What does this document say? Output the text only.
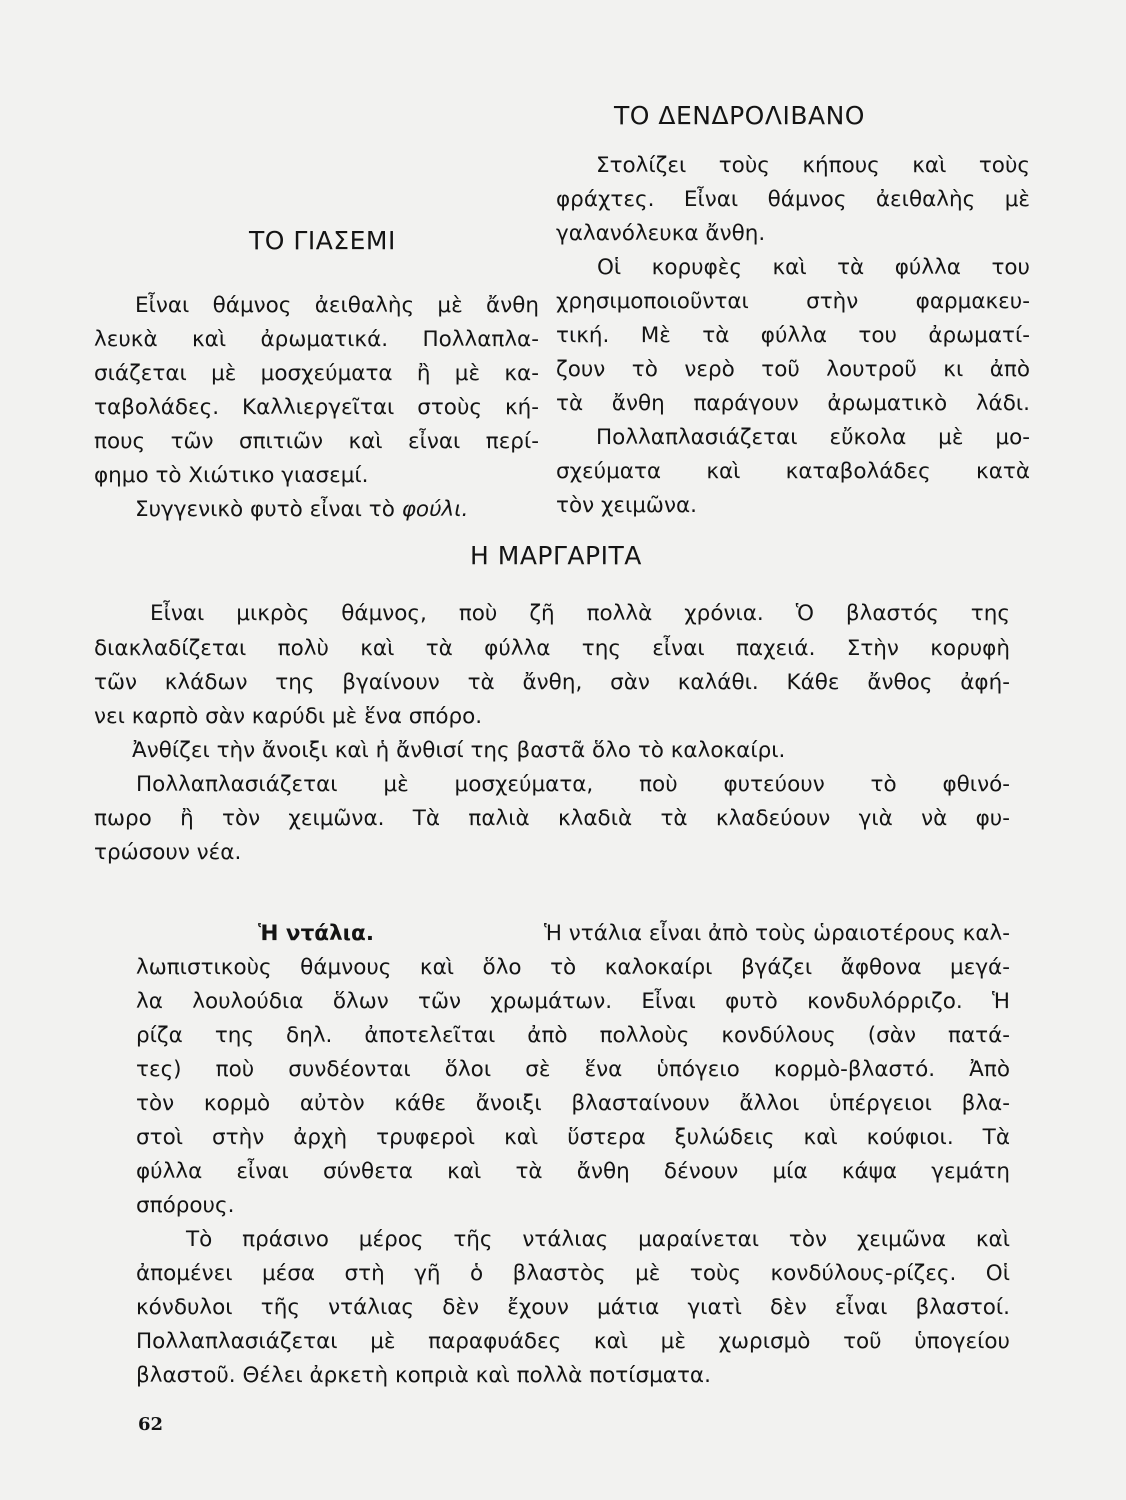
ΤΟ ΔΕΝΔΡΟΛΙΒΑΝΟ
Στολίζει τοὺς κήπους καὶ τοὺς
φράχτες. Εἶναι θάμνος ἀειθαλὴς μὲ
γαλανόλευκα ἄνθη.
Οἱ κορυφὲς καὶ τὰ φύλλα του
χρησιμοποιοῦνται στὴν φαρμακευ-
τική. Μὲ τὰ φύλλα του ἀρωματί-
ζουν τὸ νερὸ τοῦ λουτροῦ κι ἀπὸ
τὰ ἄνθη παράγουν ἀρωματικὸ λάδι.
Πολλαπλασιάζεται εὔκολα μὲ μο-
σχεύματα καὶ καταβολάδες κατὰ
τὸν χειμῶνα.
ΤΟ ΓΙΑΣΕΜΙ
Εἶναι θάμνος ἀειθαλὴς μὲ ἄνθη
λευκὰ καὶ ἀρωματικά. Πολλαπλα-
σιάζεται μὲ μοσχεύματα ἢ μὲ κα-
ταβολάδες. Καλλιεργεῖται στοὺς κή-
πους τῶν σπιτιῶν καὶ εἶναι περί-
φημο τὸ Χιώτικο γιασεμί.
Συγγενικὸ φυτὸ εἶναι τὸ φούλι.
Η ΜΑΡΓΑΡΙΤΑ
Εἶναι μικρὸς θάμνος, ποὺ ζῆ πολλὰ χρόνια. Ὁ βλαστός της
διακλαδίζεται πολὺ καὶ τὰ φύλλα της εἶναι παχειά. Στὴν κορυφὴ
τῶν κλάδων της βγαίνουν τὰ ἄνθη, σὰν καλάθι. Κάθε ἄνθος ἀφή-
νει καρπὸ σὰν καρύδι μὲ ἕνα σπόρο.
Ἀνθίζει τὴν ἄνοιξι καὶ ἡ ἄνθισί της βαστᾶ ὅλο τὸ καλοκαίρι.
Πολλαπλασιάζεται μὲ μοσχεύματα, ποὺ φυτεύουν τὸ φθινό-
πωρο ἢ τὸν χειμῶνα. Τὰ παλιὰ κλαδιὰ τὰ κλαδεύουν γιὰ νὰ φυ-
τρώσουν νέα.
Ἡ ντάλια.	Ἡ ντάλια εἶναι ἀπὸ τοὺς ὡραιοτέρους καλ-
λωπιστικοὺς θάμνους καὶ ὅλο τὸ καλοκαίρι βγάζει ἄφθονα μεγά-
λα λουλούδια ὅλων τῶν χρωμάτων. Εἶναι φυτὸ κονδυλόρριζο. Ἡ
ρίζα της δηλ. ἀποτελεῖται ἀπὸ πολλοὺς κονδύλους (σὰν πατά-
τες) ποὺ συνδέονται ὅλοι σὲ ἕνα ὑπόγειο κορμὸ-βλαστό. Ἀπὸ
τὸν κορμὸ αὐτὸν κάθε ἄνοιξι βλασταίνουν ἄλλοι ὑπέργειοι βλα-
στοὶ στὴν ἀρχὴ τρυφεροὶ καὶ ὕστερα ξυλώδεις καὶ κούφιοι. Τὰ
φύλλα εἶναι σύνθετα καὶ τὰ ἄνθη δένουν μία κάψα γεμάτη
σπόρους.
Τὸ πράσινο μέρος τῆς ντάλιας μαραίνεται τὸν χειμῶνα καὶ
ἀπομένει μέσα στὴ γῆ ὁ βλαστὸς μὲ τοὺς κονδύλους-ρίζες. Οἱ
κόνδυλοι τῆς ντάλιας δὲν ἔχουν μάτια γιατὶ δὲν εἶναι βλαστοί.
Πολλαπλασιάζεται μὲ παραφυάδες καὶ μὲ χωρισμὸ τοῦ ὑπογείου
βλαστοῦ. Θέλει ἀρκετὴ κοπριὰ καὶ πολλὰ ποτίσματα.
62
